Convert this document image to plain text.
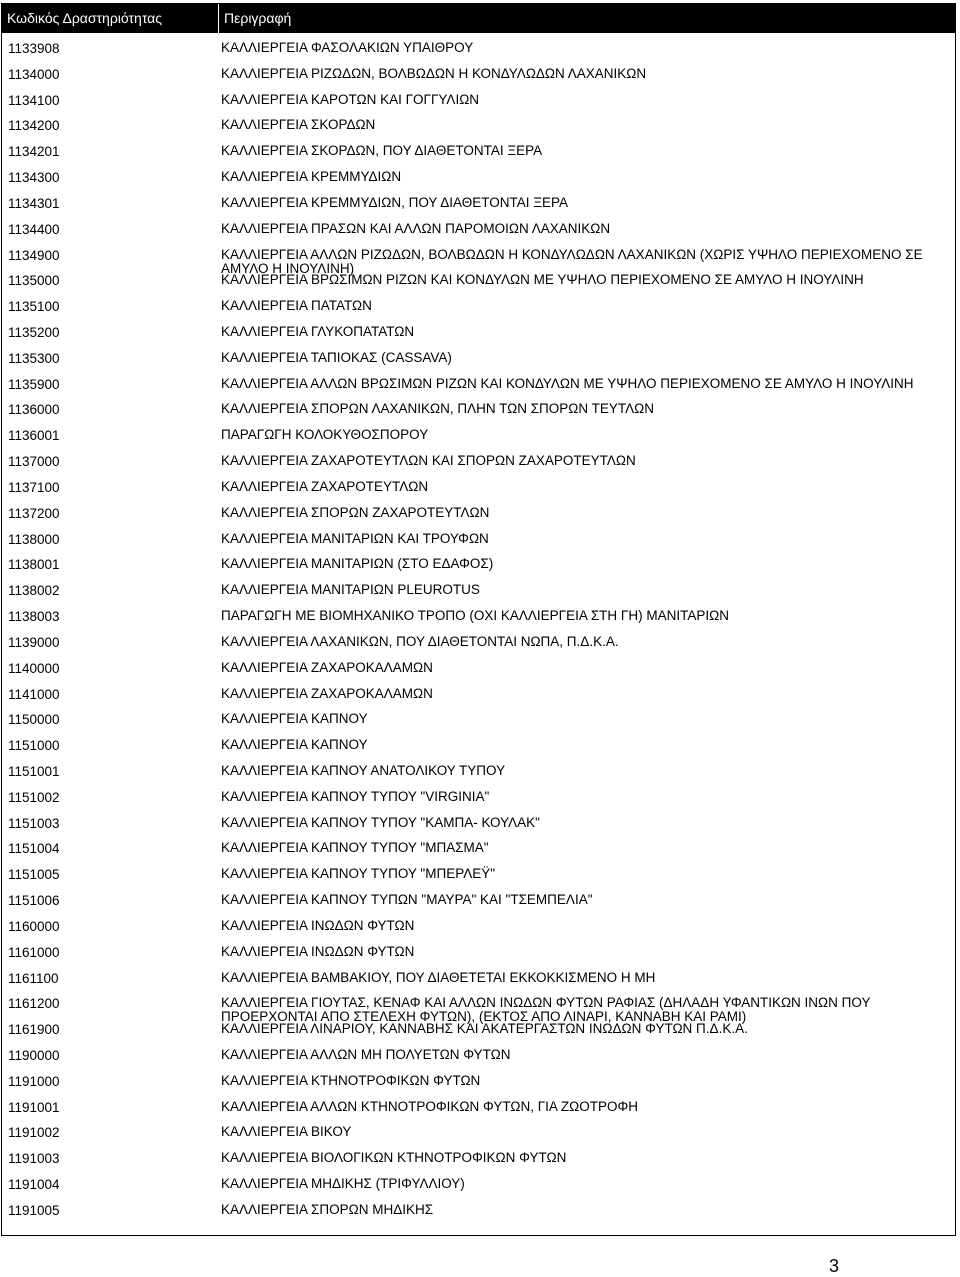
Κωδικός Δραστηριότητας	Περιγραφή
1133908	ΚΑΛΛΙΕΡΓΕΙΑ ΦΑΣΟΛΑΚΙΩΝ ΥΠΑΙΘΡΟΥ
1134000	ΚΑΛΛΙΕΡΓΕΙΑ ΡΙΖΩΔΩΝ, ΒΟΛΒΩΔΩΝ Η ΚΟΝΔΥΛΩΔΩΝ ΛΑΧΑΝΙΚΩΝ
1134100	ΚΑΛΛΙΕΡΓΕΙΑ ΚΑΡΟΤΩΝ ΚΑΙ ΓΟΓΓΥΛΙΩΝ
1134200	ΚΑΛΛΙΕΡΓΕΙΑ ΣΚΟΡΔΩΝ
1134201	ΚΑΛΛΙΕΡΓΕΙΑ ΣΚΟΡΔΩΝ, ΠΟΥ ΔΙΑΘΕΤΟΝΤΑΙ ΞΕΡΑ
1134300	ΚΑΛΛΙΕΡΓΕΙΑ ΚΡΕΜΜΥΔΙΩΝ
1134301	ΚΑΛΛΙΕΡΓΕΙΑ ΚΡΕΜΜΥΔΙΩΝ, ΠΟΥ ΔΙΑΘΕΤΟΝΤΑΙ ΞΕΡΑ
1134400	ΚΑΛΛΙΕΡΓΕΙΑ ΠΡΑΣΩΝ ΚΑΙ ΑΛΛΩΝ ΠΑΡΟΜΟΙΩΝ ΛΑΧΑΝΙΚΩΝ
1134900	ΚΑΛΛΙΕΡΓΕΙΑ ΑΛΛΩΝ ΡΙΖΩΔΩΝ, ΒΟΛΒΩΔΩΝ Η ΚΟΝΔΥΛΩΔΩΝ ΛΑΧΑΝΙΚΩΝ (ΧΩΡΙΣ ΥΨΗΛΟ ΠΕΡΙΕΧΟΜΕΝΟ ΣΕ ΑΜΥΛΟ Η ΙΝΟΥΛΙΝΗ)
1135000	ΚΑΛΛΙΕΡΓΕΙΑ ΒΡΩΣΙΜΩΝ ΡΙΖΩΝ ΚΑΙ ΚΟΝΔΥΛΩΝ ΜΕ ΥΨΗΛΟ ΠΕΡΙΕΧΟΜΕΝΟ ΣΕ ΑΜΥΛΟ Η ΙΝΟΥΛΙΝΗ
1135100	ΚΑΛΛΙΕΡΓΕΙΑ ΠΑΤΑΤΩΝ
1135200	ΚΑΛΛΙΕΡΓΕΙΑ ΓΛΥΚΟΠΑΤΑΤΩΝ
1135300	ΚΑΛΛΙΕΡΓΕΙΑ ΤΑΠΙΟΚΑΣ (CASSAVA)
1135900	ΚΑΛΛΙΕΡΓΕΙΑ ΑΛΛΩΝ ΒΡΩΣΙΜΩΝ ΡΙΖΩΝ ΚΑΙ ΚΟΝΔΥΛΩΝ ΜΕ ΥΨΗΛΟ ΠΕΡΙΕΧΟΜΕΝΟ ΣΕ ΑΜΥΛΟ Η ΙΝΟΥΛΙΝΗ
1136000	ΚΑΛΛΙΕΡΓΕΙΑ ΣΠΟΡΩΝ ΛΑΧΑΝΙΚΩΝ, ΠΛΗΝ ΤΩΝ ΣΠΟΡΩΝ ΤΕΥΤΛΩΝ
1136001	ΠΑΡΑΓΩΓΗ ΚΟΛΟΚΥΘΟΣΠΟΡΟΥ
1137000	ΚΑΛΛΙΕΡΓΕΙΑ ΖΑΧΑΡΟΤΕΥΤΛΩΝ ΚΑΙ ΣΠΟΡΩΝ ΖΑΧΑΡΟΤΕΥΤΛΩΝ
1137100	ΚΑΛΛΙΕΡΓΕΙΑ ΖΑΧΑΡΟΤΕΥΤΛΩΝ
1137200	ΚΑΛΛΙΕΡΓΕΙΑ ΣΠΟΡΩΝ ΖΑΧΑΡΟΤΕΥΤΛΩΝ
1138000	ΚΑΛΛΙΕΡΓΕΙΑ ΜΑΝΙΤΑΡΙΩΝ ΚΑΙ ΤΡΟΥΦΩΝ
1138001	ΚΑΛΛΙΕΡΓΕΙΑ ΜΑΝΙΤΑΡΙΩΝ (ΣΤΟ ΕΔΑΦΟΣ)
1138002	ΚΑΛΛΙΕΡΓΕΙΑ ΜΑΝΙΤΑΡΙΩΝ PLEUROTUS
1138003	ΠΑΡΑΓΩΓΗ ΜΕ ΒΙΟΜΗΧΑΝΙΚΟ ΤΡΟΠΟ (ΟΧΙ ΚΑΛΛΙΕΡΓΕΙΑ ΣΤΗ ΓΗ) ΜΑΝΙΤΑΡΙΩΝ
1139000	ΚΑΛΛΙΕΡΓΕΙΑ ΛΑΧΑΝΙΚΩΝ, ΠΟΥ ΔΙΑΘΕΤΟΝΤΑΙ ΝΩΠΑ, Π.Δ.Κ.Α.
1140000	ΚΑΛΛΙΕΡΓΕΙΑ ΖΑΧΑΡΟΚΑΛΑΜΩΝ
1141000	ΚΑΛΛΙΕΡΓΕΙΑ ΖΑΧΑΡΟΚΑΛΑΜΩΝ
1150000	ΚΑΛΛΙΕΡΓΕΙΑ ΚΑΠΝΟΥ
1151000	ΚΑΛΛΙΕΡΓΕΙΑ ΚΑΠΝΟΥ
1151001	ΚΑΛΛΙΕΡΓΕΙΑ ΚΑΠΝΟΥ ΑΝΑΤΟΛΙΚΟΥ ΤΥΠΟΥ
1151002	ΚΑΛΛΙΕΡΓΕΙΑ ΚΑΠΝΟΥ ΤΥΠΟΥ "VIRGINIA"
1151003	ΚΑΛΛΙΕΡΓΕΙΑ ΚΑΠΝΟΥ ΤΥΠΟΥ "ΚΑΜΠΑ- ΚΟΥΛΑΚ"
1151004	ΚΑΛΛΙΕΡΓΕΙΑ ΚΑΠΝΟΥ ΤΥΠΟΥ "ΜΠΑΣΜΑ"
1151005	ΚΑΛΛΙΕΡΓΕΙΑ ΚΑΠΝΟΥ ΤΥΠΟΥ "ΜΠΕΡΛΕΫ"
1151006	ΚΑΛΛΙΕΡΓΕΙΑ ΚΑΠΝΟΥ ΤΥΠΩΝ "ΜΑΥΡΑ" ΚΑΙ "ΤΣΕΜΠΕΛΙΑ"
1160000	ΚΑΛΛΙΕΡΓΕΙΑ ΙΝΩΔΩΝ ΦΥΤΩΝ
1161000	ΚΑΛΛΙΕΡΓΕΙΑ ΙΝΩΔΩΝ ΦΥΤΩΝ
1161100	ΚΑΛΛΙΕΡΓΕΙΑ ΒΑΜΒΑΚΙΟΥ, ΠΟΥ ΔΙΑΘΕΤΕΤΑΙ ΕΚΚΟΚΚΙΣΜΕΝΟ Η ΜΗ
1161200	ΚΑΛΛΙΕΡΓΕΙΑ ΓΙΟΥΤΑΣ, ΚΕΝΑΦ ΚΑΙ ΑΛΛΩΝ ΙΝΩΔΩΝ ΦΥΤΩΝ ΡΑΦΙΑΣ (ΔΗΛΑΔΗ ΥΦΑΝΤΙΚΩΝ ΙΝΩΝ ΠΟΥ ΠΡΟΕΡΧΟΝΤΑΙ ΑΠΟ ΣΤΕΛΕΧΗ ΦΥΤΩΝ), (ΕΚΤΟΣ ΑΠΟ ΛΙΝΑΡΙ, ΚΑΝΝΑΒΗ ΚΑΙ ΡΑΜΙ)
1161900	ΚΑΛΛΙΕΡΓΕΙΑ ΛΙΝΑΡΙΟΥ, ΚΑΝΝΑΒΗΣ ΚΑΙ ΑΚΑΤΕΡΓΑΣΤΩΝ ΙΝΩΔΩΝ ΦΥΤΩΝ Π.Δ.Κ.Α.
1190000	ΚΑΛΛΙΕΡΓΕΙΑ ΑΛΛΩΝ ΜΗ ΠΟΛΥΕΤΩΝ ΦΥΤΩΝ
1191000	ΚΑΛΛΙΕΡΓΕΙΑ ΚΤΗΝΟΤΡΟΦΙΚΩΝ ΦΥΤΩΝ
1191001	ΚΑΛΛΙΕΡΓΕΙΑ ΑΛΛΩΝ ΚΤΗΝΟΤΡΟΦΙΚΩΝ ΦΥΤΩΝ, ΓΙΑ ΖΩΟΤΡΟΦΗ
1191002	ΚΑΛΛΙΕΡΓΕΙΑ ΒΙΚΟΥ
1191003	ΚΑΛΛΙΕΡΓΕΙΑ ΒΙΟΛΟΓΙΚΩΝ ΚΤΗΝΟΤΡΟΦΙΚΩΝ ΦΥΤΩΝ
1191004	ΚΑΛΛΙΕΡΓΕΙΑ ΜΗΔΙΚΗΣ (ΤΡΙΦΥΛΛΙΟΥ)
1191005	ΚΑΛΛΙΕΡΓΕΙΑ ΣΠΟΡΩΝ ΜΗΔΙΚΗΣ
3
